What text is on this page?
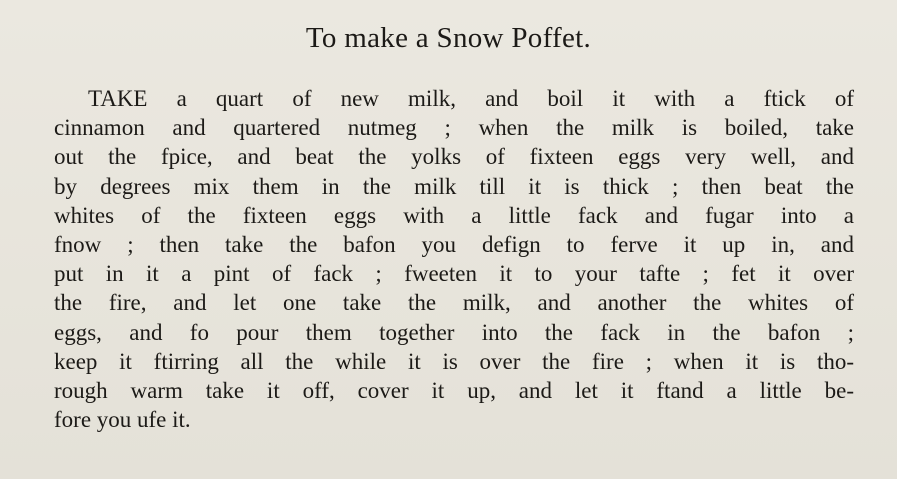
To make a Snow Poffet.
TAKE a quart of new milk, and boil it with a ftick of
cinnamon and quartered nutmeg ; when the milk is boiled, take
out the fpice, and beat the yolks of fixteen eggs very well, and
by degrees mix them in the milk till it is thick ; then beat the
whites of the fixteen eggs with a little fack and fugar into a
fnow ; then take the bafon you defign to ferve it up in, and
put in it a pint of fack ; fweeten it to your tafte ; fet it over
the fire, and let one take the milk, and another the whites of
eggs, and fo pour them together into the fack in the bafon ;
keep it ftirring all the while it is over the fire ; when it is tho-
rough warm take it off, cover it up, and let it ftand a little be-
fore you ufe it.
